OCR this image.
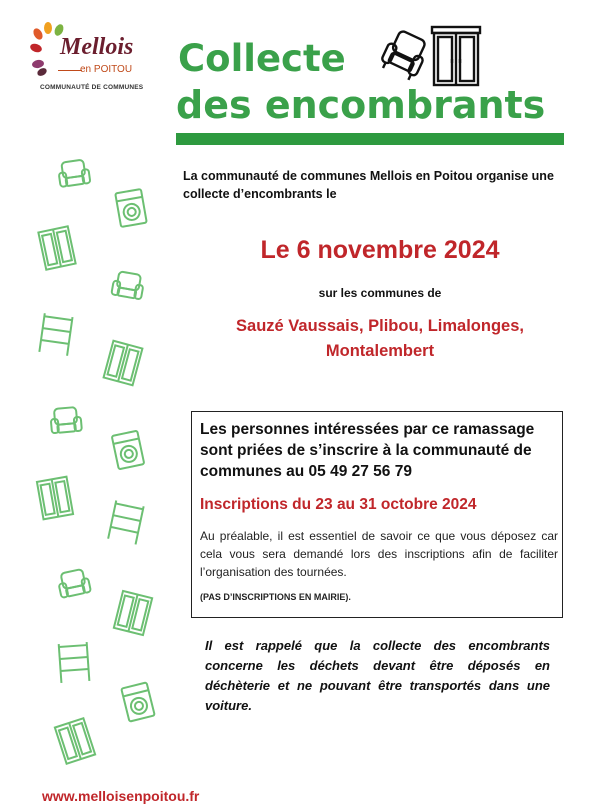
Mellois
en POITOU
COMMUNAUTÉ DE COMMUNES
Collecte
des encombrants
La communauté de communes Mellois en Poitou organise une collecte d’encombrants le
Le 6 novembre 2024
sur les communes de
Sauzé Vaussais, Plibou, Limalonges, Montalembert
Les personnes intéressées par ce ramassage sont priées de s’inscrire à la communauté de communes au 05 49 27 56 79
Inscriptions du 23 au 31 octobre 2024
Au préalable, il est essentiel de savoir ce que vous déposez car cela vous sera demandé lors des inscriptions afin de faciliter l’organisation des tournées.
(PAS D’INSCRIPTIONS EN MAIRIE).
Il est rappelé que la collecte des encombrants concerne les déchets devant être déposés en déchèterie et ne pouvant être transportés dans une voiture.
www.melloisenpoitou.fr
